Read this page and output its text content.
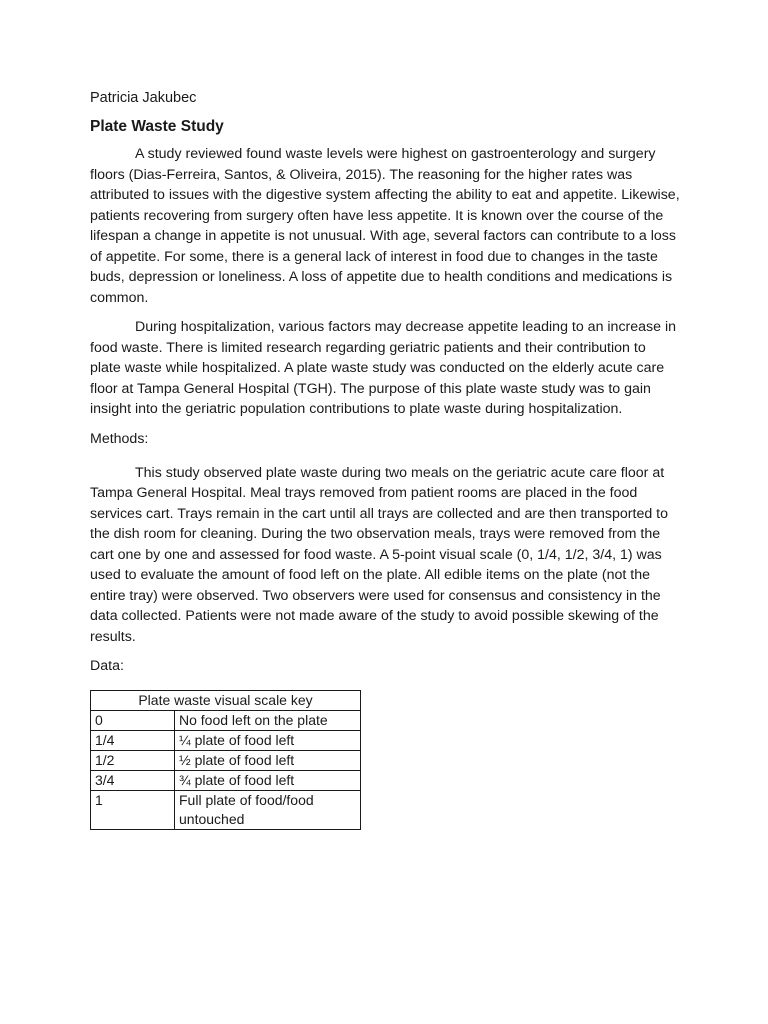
Patricia Jakubec

Plate Waste Study

A study reviewed found waste levels were highest on gastroenterology and surgery floors (Dias-Ferreira, Santos, & Oliveira, 2015). The reasoning for the higher rates was attributed to issues with the digestive system affecting the ability to eat and appetite. Likewise, patients recovering from surgery often have less appetite. It is known over the course of the lifespan a change in appetite is not unusual. With age, several factors can contribute to a loss of appetite. For some, there is a general lack of interest in food due to changes in the taste buds, depression or loneliness. A loss of appetite due to health conditions and medications is common.

During hospitalization, various factors may decrease appetite leading to an increase in food waste. There is limited research regarding geriatric patients and their contribution to plate waste while hospitalized. A plate waste study was conducted on the elderly acute care floor at Tampa General Hospital (TGH). The purpose of this plate waste study was to gain insight into the geriatric population contributions to plate waste during hospitalization.

Methods:

This study observed plate waste during two meals on the geriatric acute care floor at Tampa General Hospital. Meal trays removed from patient rooms are placed in the food services cart. Trays remain in the cart until all trays are collected and are then transported to the dish room for cleaning. During the two observation meals, trays were removed from the cart one by one and assessed for food waste. A 5-point visual scale (0, 1/4, 1/2, 3/4, 1) was used to evaluate the amount of food left on the plate. All edible items on the plate (not the entire tray) were observed. Two observers were used for consensus and consistency in the data collected. Patients were not made aware of the study to avoid possible skewing of the results.

Data:

Plate waste visual scale key	
0	No food left on the plate
1/4	¼ plate of food left
1/2	½ plate of food left
3/4	¾ plate of food left
1	Full plate of food/food untouched
